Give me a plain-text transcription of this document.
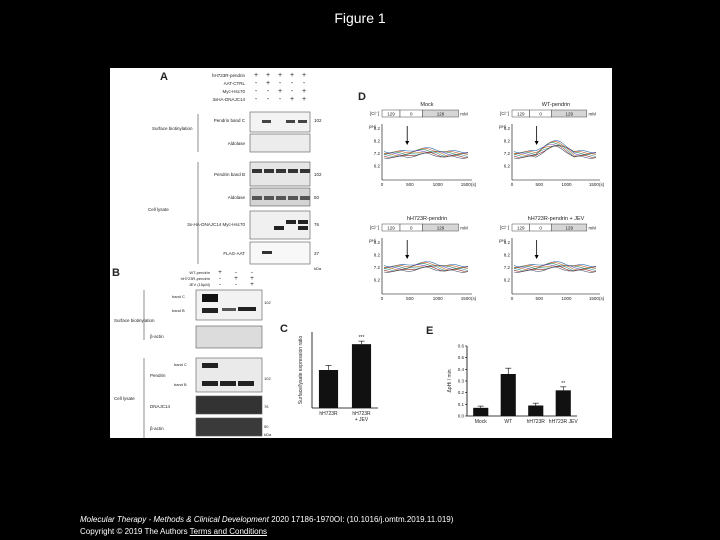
Figure 1
A	hH723R-pendrin + + + + +
AAT-CTRL - + - - -
Myc-Hsc70 - - + - +
3xHA-DNAJC14 - - - + +
Surface biotinylation
Cell lysate
Pendrin band C	102
Aldolase
Pendrin band B	102
Aldolase	50
3x-HA-DNAJC14 Myc-Hsc70	76
FLAG-AAT	37
kDa
B	WT-pendrin + - -
hH723R-pendrin - + +
JEV (15μM) - - +
Surface biotinylation
Cell lysate
band C
band B
β-actin
band C
Pendrin
band B
DNAJC14
β-actin
102
102
76
50
kDa
C
hH723R	hH723R
+ JEV
***
Surface/lysate expression ratio
D
Mock
[Cl⁻] 129	0	129	mM
pHi
6.2
7.2
8.2
9.2
0	500	1000	1500 (s)
WT-pendrin
[Cl⁻] 129	0	129	mM
pHi
6.2
7.2
8.2
9.2
0	500	1000	1500 (s)
hH723R-pendrin
[Cl⁻] 129	0	129	mM
pHi
6.2
7.2
8.2
9.2
0	500	1000	1500 (s)
hH723R-pendrin + JEV
[Cl⁻] 129	0	129	mM
pHi
6.2
7.2
8.2
9.2
0	500	1000	1500 (s)
E
0.0
0.1
0.2
0.3
0.4
0.5
0.6
Mock	WT	hH723R hH723R JEV
**
ΔpHi / min
Molecular Therapy - Methods & Clinical Development 2020 17186-1970OI: (10.1016/j.omtm.2019.11.019)
Copyright © 2019 The Authors Terms and Conditions
